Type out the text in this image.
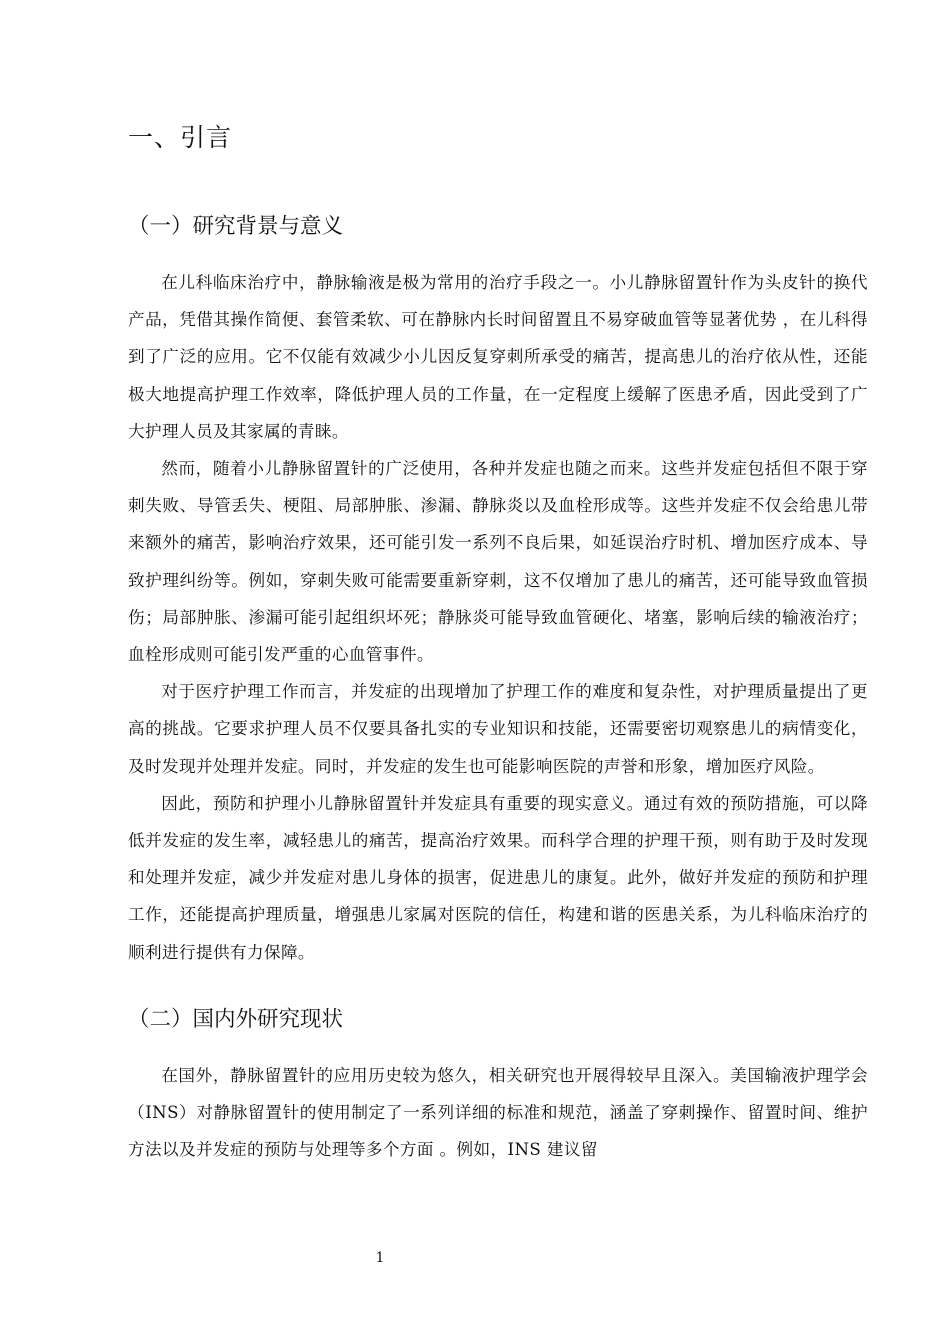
一、引言
（一）研究背景与意义

在儿科临床治疗中，静脉输液是极为常用的治疗手段之一。小儿静脉留置针作为头皮针的换代产品，凭借其操作简便、套管柔软、可在静脉内长时间留置且不易穿破血管等显著优势 ，在儿科得到了广泛的应用。它不仅能有效减少小儿因反复穿刺所承受的痛苦，提高患儿的治疗依从性，还能极大地提高护理工作效率，降低护理人员的工作量，在一定程度上缓解了医患矛盾，因此受到了广大护理人员及其家属的青睐。

然而，随着小儿静脉留置针的广泛使用，各种并发症也随之而来。这些并发症包括但不限于穿刺失败、导管丢失、梗阻、局部肿胀、渗漏、静脉炎以及血栓形成等。这些并发症不仅会给患儿带来额外的痛苦，影响治疗效果，还可能引发一系列不良后果，如延误治疗时机、增加医疗成本、导致护理纠纷等。例如，穿刺失败可能需要重新穿刺，这不仅增加了患儿的痛苦，还可能导致血管损伤；局部肿胀、渗漏可能引起组织坏死；静脉炎可能导致血管硬化、堵塞，影响后续的输液治疗；血栓形成则可能引发严重的心血管事件。

对于医疗护理工作而言，并发症的出现增加了护理工作的难度和复杂性，对护理质量提出了更高的挑战。它要求护理人员不仅要具备扎实的专业知识和技能，还需要密切观察患儿的病情变化，及时发现并处理并发症。同时，并发症的发生也可能影响医院的声誉和形象，增加医疗风险。

因此，预防和护理小儿静脉留置针并发症具有重要的现实意义。通过有效的预防措施，可以降低并发症的发生率，减轻患儿的痛苦，提高治疗效果。而科学合理的护理干预，则有助于及时发现和处理并发症，减少并发症对患儿身体的损害，促进患儿的康复。此外，做好并发症的预防和护理工作，还能提高护理质量，增强患儿家属对医院的信任，构建和谐的医患关系，为儿科临床治疗的顺利进行提供有力保障。

（二）国内外研究现状

在国外，静脉留置针的应用历史较为悠久，相关研究也开展得较早且深入。美国输液护理学会（INS）对静脉留置针的使用制定了一系列详细的标准和规范，涵盖了穿刺操作、留置时间、维护方法以及并发症的预防与处理等多个方面 。例如，INS 建议留

1
